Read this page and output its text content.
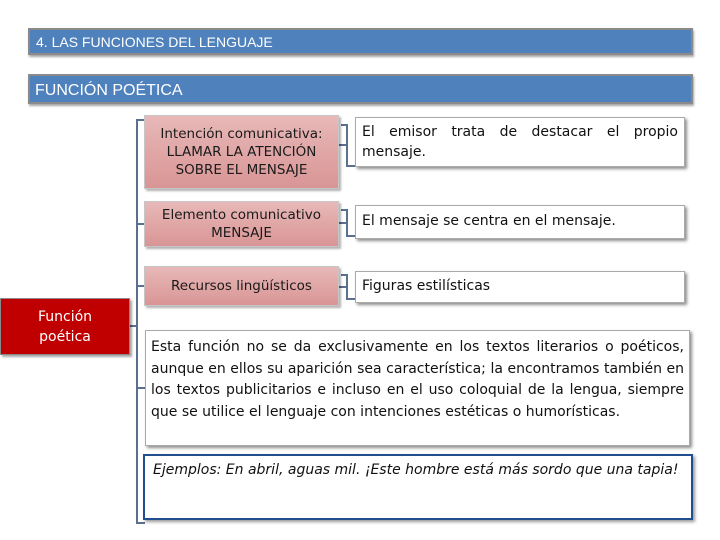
4. LAS FUNCIONES DEL LENGUAJE
FUNCIÓN POÉTICA
Intención comunicativa:
LLAMAR LA ATENCIÓN
SOBRE EL MENSAJE
El emisor trata de destacar el propio mensaje.
Elemento comunicativo
MENSAJE
El mensaje se centra en el mensaje.
Recursos lingüísticos	Figuras estilísticas
Función
poética
Esta función no se da exclusivamente en los textos literarios o poéticos, aunque en ellos su aparición sea característica; la encontramos también en los textos publicitarios e incluso en el uso coloquial de la lengua, siempre que se utilice el lenguaje con intenciones estéticas o humorísticas.
Ejemplos: En abril, aguas mil. ¡Este hombre está más sordo que una tapia!
